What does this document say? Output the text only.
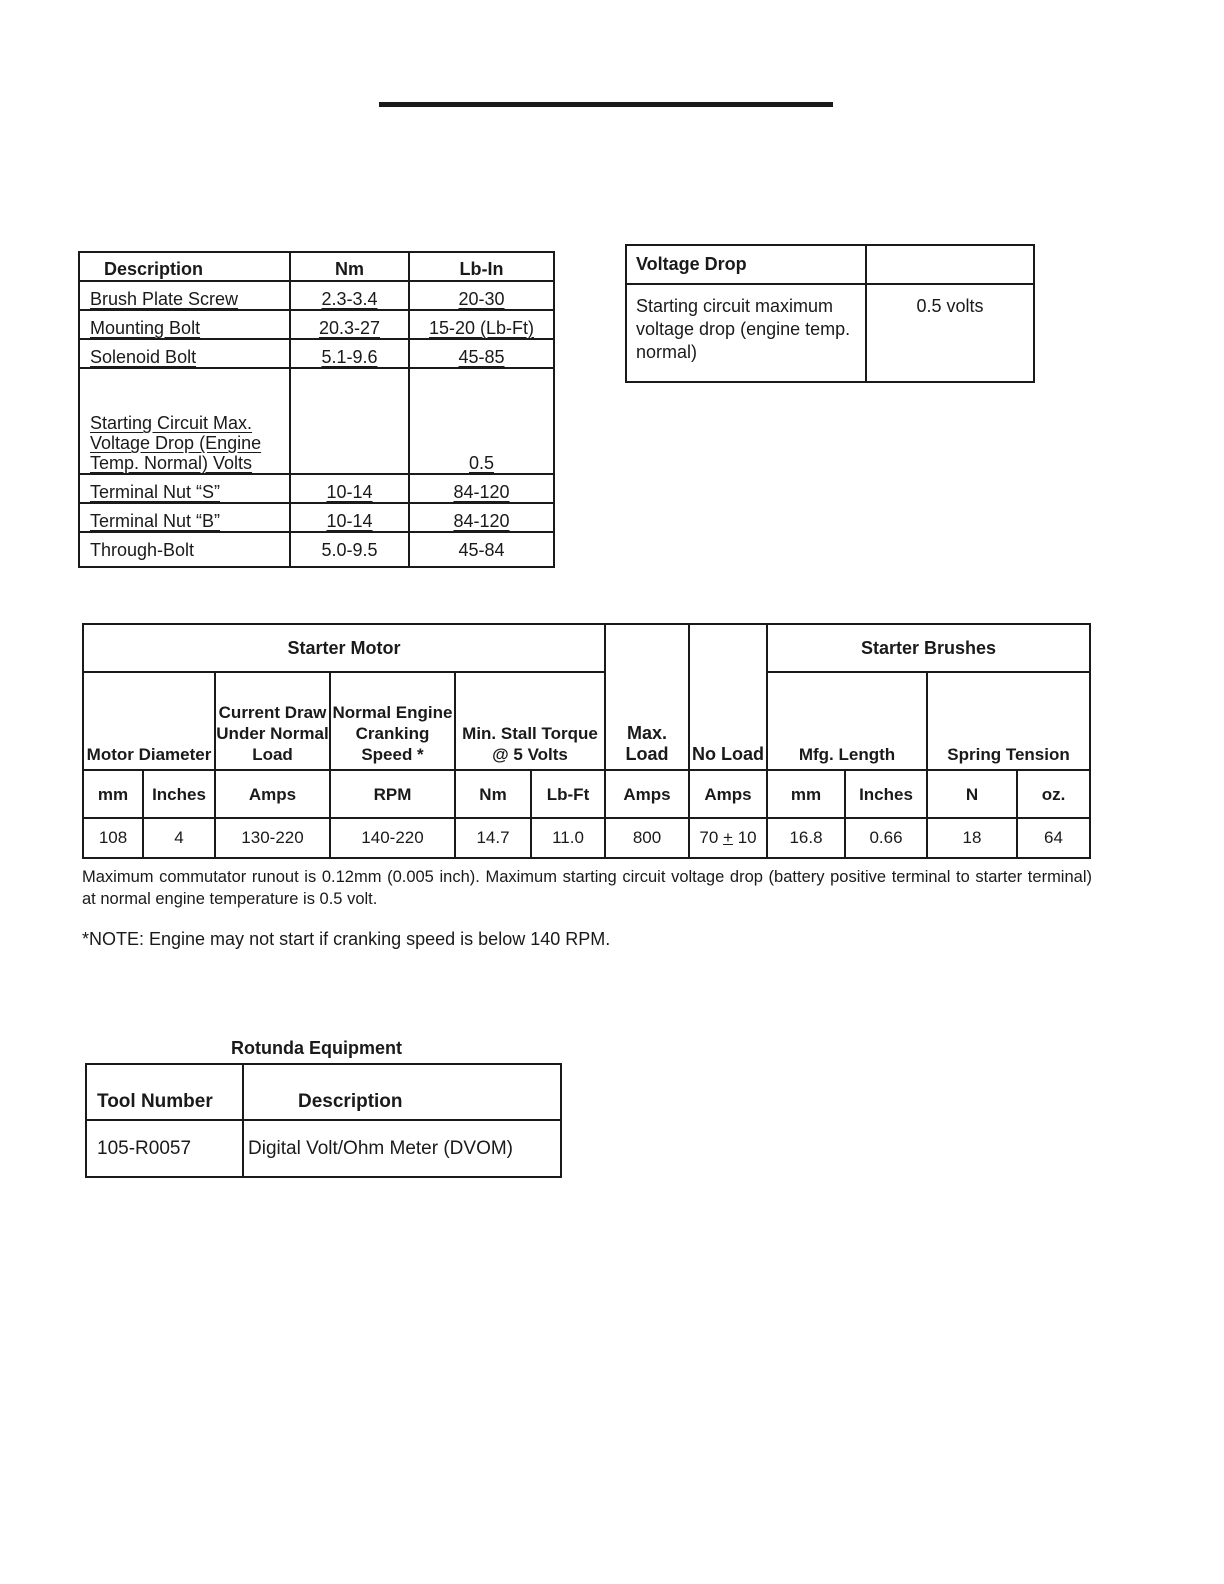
Description	Nm	Lb-In
Brush Plate Screw	2.3-3.4	20-30
Mounting Bolt	20.3-27	15-20 (Lb-Ft)
Solenoid Bolt	5.1-9.6	45-85
Starting Circuit Max. Voltage Drop (Engine Temp. Normal) Volts		0.5
Terminal Nut “S”	10-14	84-120
Terminal Nut “B”	10-14	84-120
Through-Bolt	5.0-9.5	45-84
Voltage Drop	
Starting circuit maximum voltage drop (engine temp. normal)	0.5 volts
Starter Motor						Max. Load	No Load	Starter Brushes			
Motor Diameter		Current Draw Under Normal Load	Normal Engine Cranking Speed *	Min. Stall Torque @ 5 Volts				Mfg. Length		Spring Tension	
mm	Inches	Amps	RPM	Nm	Lb-Ft	Amps	Amps	mm	Inches	N	oz.
108	4	130-220	140-220	14.7	11.0	800	70 + 10	16.8	0.66	18	64
Maximum commutator runout is 0.12mm (0.005 inch). Maximum starting circuit voltage drop (battery positive terminal to starter terminal) at normal engine temperature is 0.5 volt.
*NOTE: Engine may not start if cranking speed is below 140 RPM.
Rotunda Equipment
Tool Number	Description
105-R0057	Digital Volt/Ohm Meter (DVOM)
